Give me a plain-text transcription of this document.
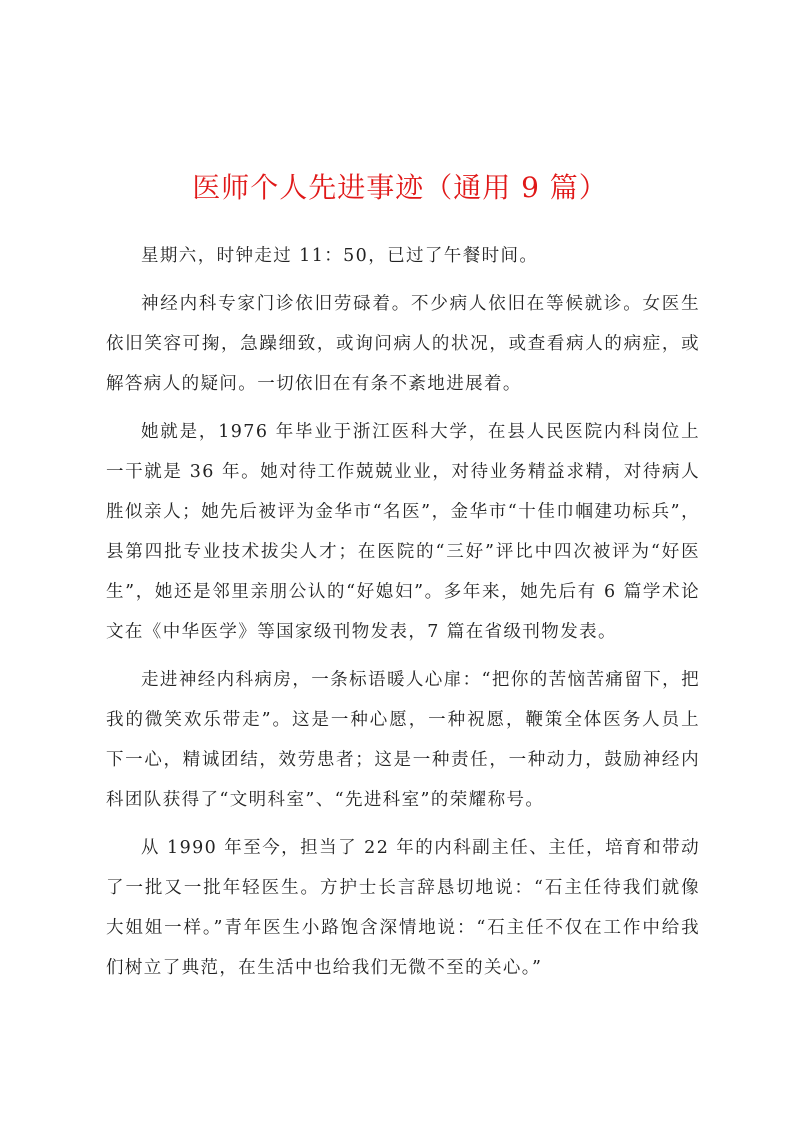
医师个人先进事迹（通用 9 篇）

星期六，时钟走过 11：50，已过了午餐时间。

神经内科专家门诊依旧劳碌着。不少病人依旧在等候就诊。女医生依旧笑容可掬，急躁细致，或询问病人的状况，或查看病人的病症，或解答病人的疑问。一切依旧在有条不紊地进展着。

她就是，1976 年毕业于浙江医科大学，在县人民医院内科岗位上一干就是 36 年。她对待工作兢兢业业，对待业务精益求精，对待病人胜似亲人；她先后被评为金华市“名医”，金华市“十佳巾帼建功标兵”，县第四批专业技术拔尖人才；在医院的“三好”评比中四次被评为“好医生”，她还是邻里亲朋公认的“好媳妇”。多年来，她先后有 6 篇学术论文在《中华医学》等国家级刊物发表，7 篇在省级刊物发表。

走进神经内科病房，一条标语暖人心扉：“把你的苦恼苦痛留下，把我的微笑欢乐带走”。这是一种心愿，一种祝愿，鞭策全体医务人员上下一心，精诚团结，效劳患者；这是一种责任，一种动力，鼓励神经内科团队获得了“文明科室”、“先进科室”的荣耀称号。

从 1990 年至今，担当了 22 年的内科副主任、主任，培育和带动了一批又一批年轻医生。方护士长言辞恳切地说：“石主任待我们就像大姐姐一样。”青年医生小路饱含深情地说：“石主任不仅在工作中给我们树立了典范，在生活中也给我们无微不至的关心。”
